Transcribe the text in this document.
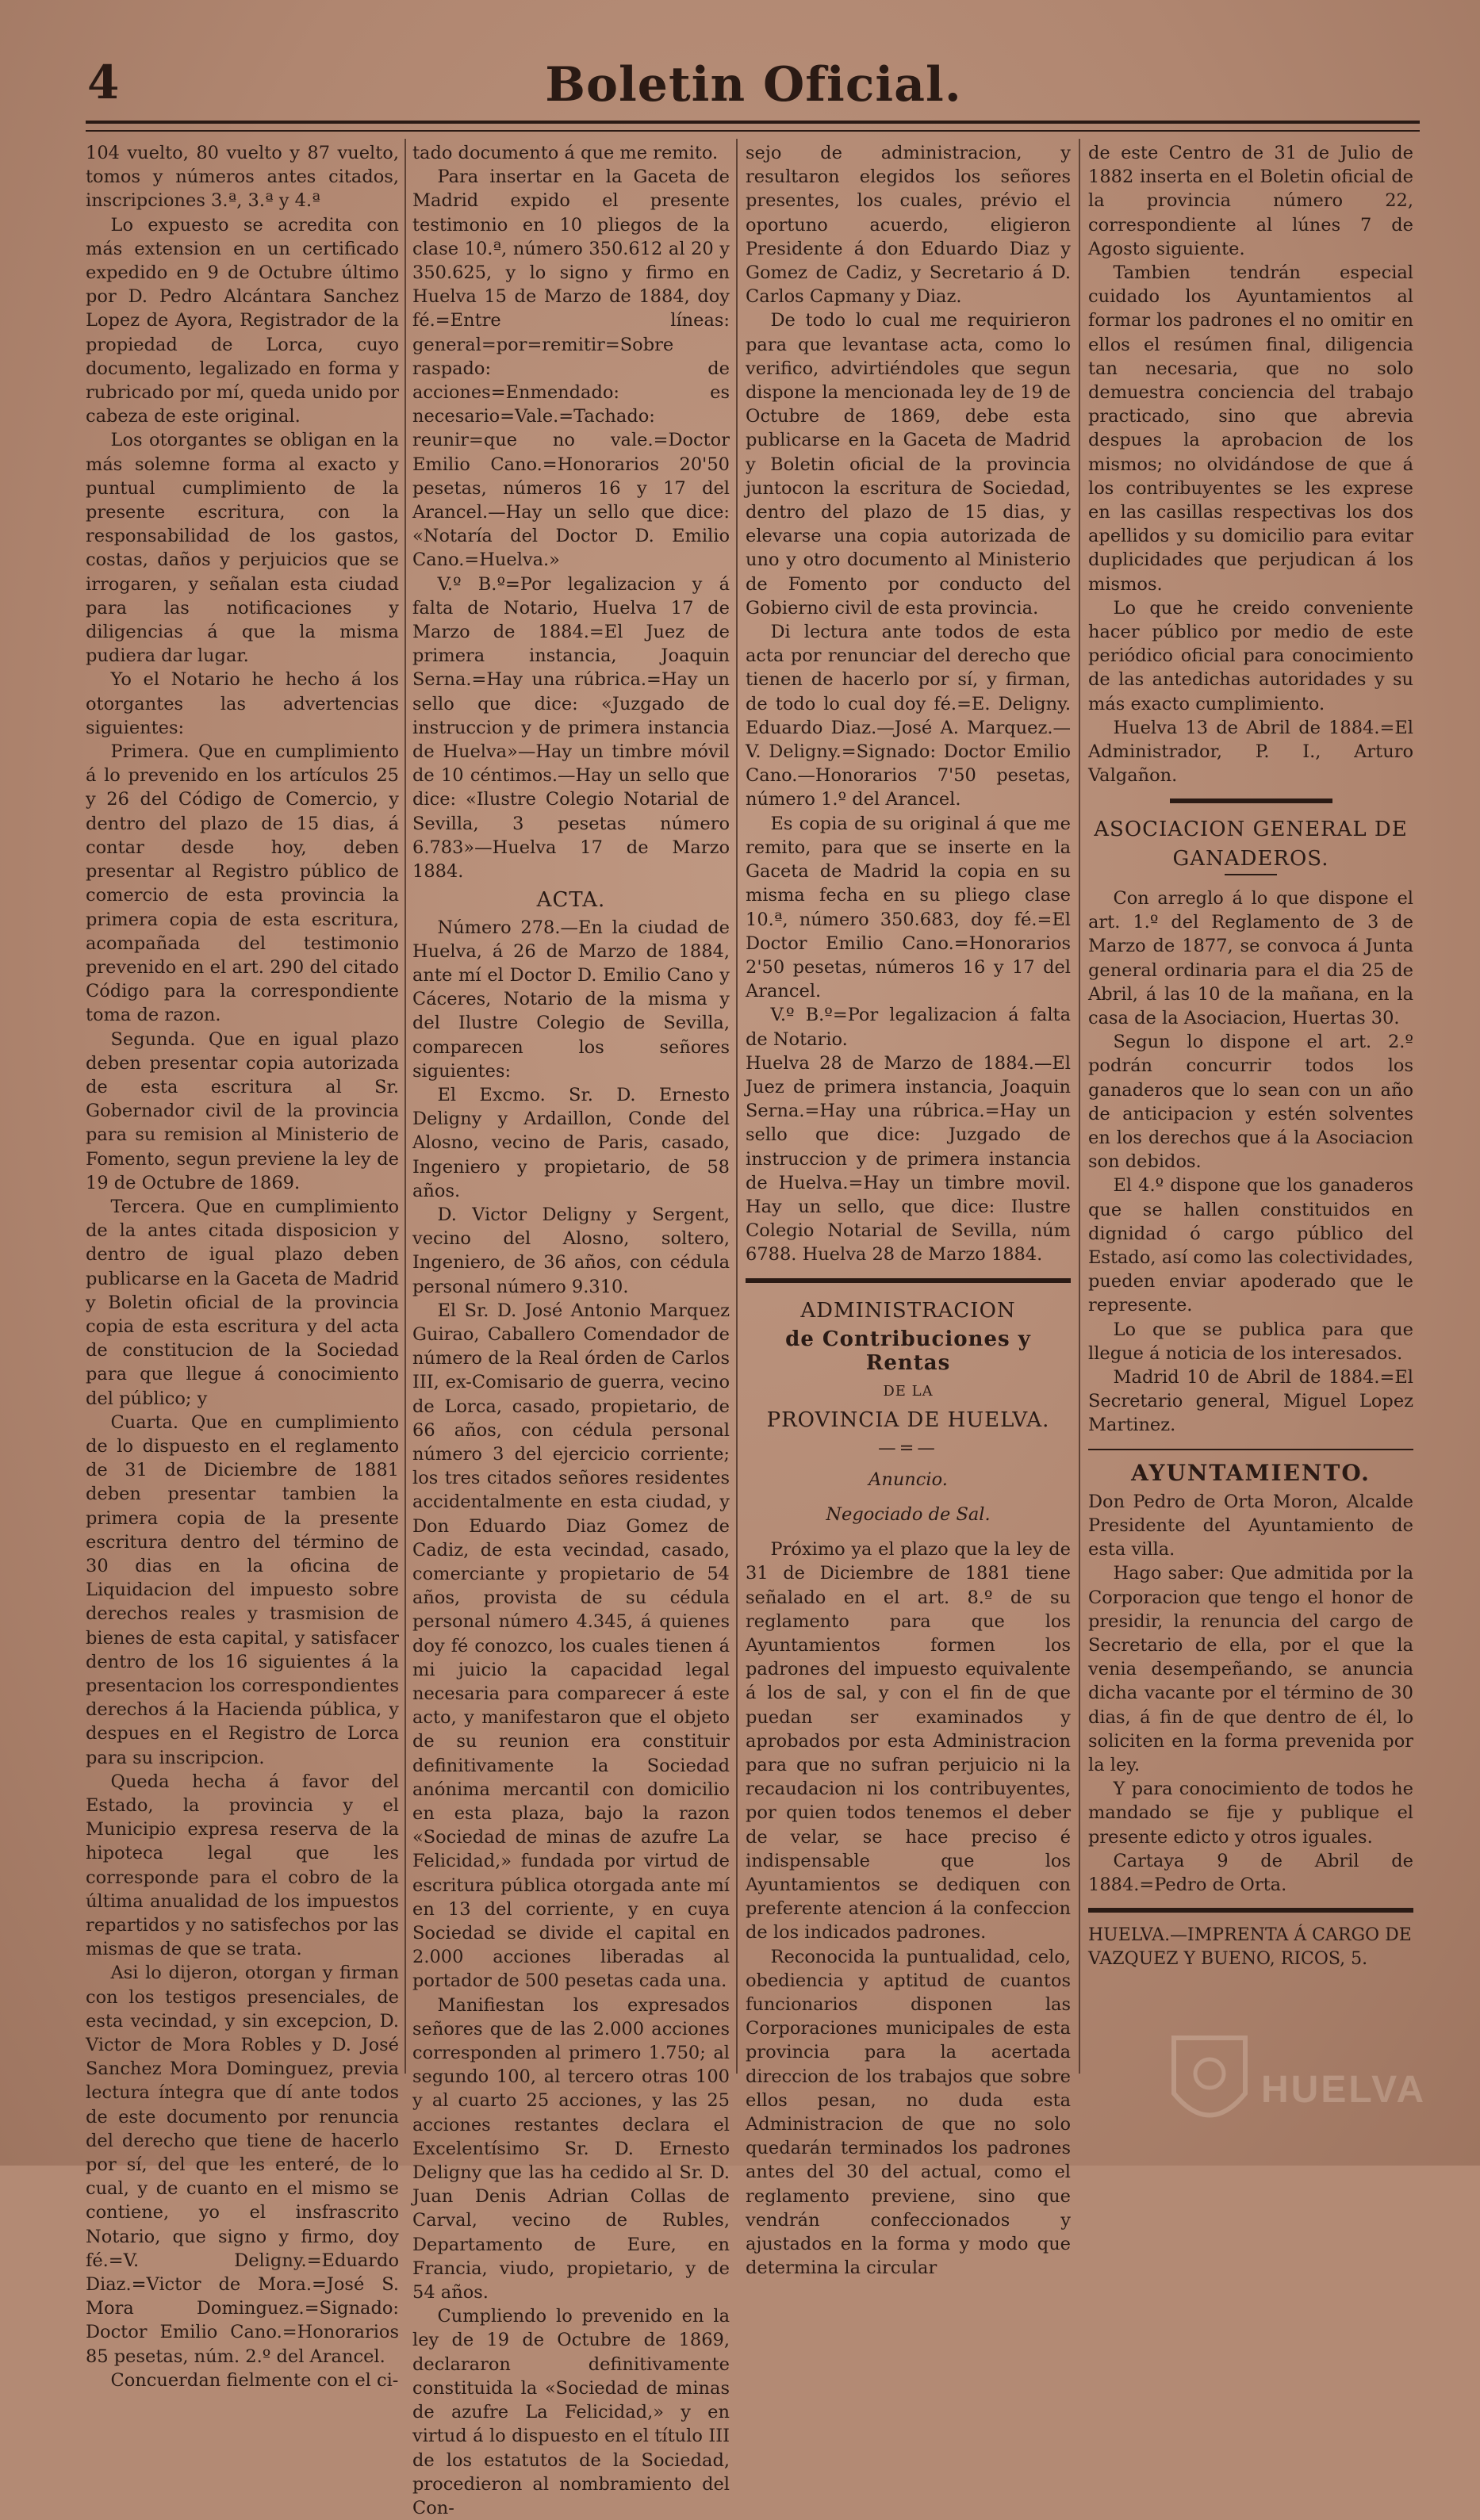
4	Boletin Oficial.

104 vuelto, 80 vuelto y 87 vuelto, tomos y números antes citados, inscripciones 3.ª, 3.ª y 4.ª

Lo expuesto se acredita con más extension en un certificado expedido en 9 de Octubre último por D. Pedro Alcántara Sanchez Lopez de Ayora, Registrador de la propiedad de Lorca, cuyo documento, legalizado en forma y rubricado por mí, queda unido por cabeza de este original.

Los otorgantes se obligan en la más solemne forma al exacto y puntual cumplimiento de la presente escritura, con la responsabilidad de los gastos, costas, daños y perjuicios que se irrogaren, y señalan esta ciudad para las notificaciones y diligencias á que la misma pudiera dar lugar.

Yo el Notario he hecho á los otorgantes las advertencias siguientes:

Primera. Que en cumplimiento á lo prevenido en los artículos 25 y 26 del Código de Comercio, y dentro del plazo de 15 dias, á contar desde hoy, deben presentar al Registro público de comercio de esta provincia la primera copia de esta escritura, acompañada del testimonio prevenido en el art. 290 del citado Código para la correspondiente toma de razon.

Segunda. Que en igual plazo deben presentar copia autorizada de esta escritura al Sr. Gobernador civil de la provincia para su remision al Ministerio de Fomento, segun previene la ley de 19 de Octubre de 1869.

Tercera. Que en cumplimiento de la antes citada disposicion y dentro de igual plazo deben publicarse en la Gaceta de Madrid y Boletin oficial de la provincia copia de esta escritura y del acta de constitucion de la Sociedad para que llegue á conocimiento del público; y

Cuarta. Que en cumplimiento de lo dispuesto en el reglamento de 31 de Diciembre de 1881 deben presentar tambien la primera copia de la presente escritura dentro del término de 30 dias en la oficina de Liquidacion del impuesto sobre derechos reales y trasmision de bienes de esta capital, y satisfacer dentro de los 16 siguientes á la presentacion los correspondientes derechos á la Hacienda pública, y despues en el Registro de Lorca para su inscripcion.

Queda hecha á favor del Estado, la provincia y el Municipio expresa reserva de la hipoteca legal que les corresponde para el cobro de la última anualidad de los impuestos repartidos y no satisfechos por las mismas de que se trata.

Asi lo dijeron, otorgan y firman con los testigos presenciales, de esta vecindad, y sin excepcion, D. Victor de Mora Robles y D. José Sanchez Mora Dominguez, previa lectura íntegra que dí ante todos de este documento por renuncia del derecho que tiene de hacerlo por sí, del que les enteré, de lo cual, y de cuanto en el mismo se contiene, yo el insfrascrito Notario, que signo y firmo, doy fé.=V. Deligny.=Eduardo Diaz.=Victor de Mora.=José S. Mora Dominguez.=Signado: Doctor Emilio Cano.=Honorarios 85 pesetas, núm. 2.º del Arancel.

Concuerdan fielmente con el ci-

tado documento á que me remito.

Para insertar en la Gaceta de Madrid expido el presente testimonio en 10 pliegos de la clase 10.ª, número 350.612 al 20 y 350.625, y lo signo y firmo en Huelva 15 de Marzo de 1884, doy fé.=Entre líneas: general=por=remitir=Sobre raspado: de acciones=Enmendado: es necesario=Vale.=Tachado: reunir=que no vale.=Doctor Emilio Cano.=Honorarios 20'50 pesetas, números 16 y 17 del Arancel.—Hay un sello que dice: «Notaría del Doctor D. Emilio Cano.=Huelva.»

V.º B.º=Por legalizacion y á falta de Notario, Huelva 17 de Marzo de 1884.=El Juez de primera instancia, Joaquin Serna.=Hay una rúbrica.=Hay un sello que dice: «Juzgado de instruccion y de primera instancia de Huelva»—Hay un timbre móvil de 10 céntimos.—Hay un sello que dice: «Ilustre Colegio Notarial de Sevilla, 3 pesetas número 6.783»—Huelva 17 de Marzo 1884.

ACTA.

Número 278.—En la ciudad de Huelva, á 26 de Marzo de 1884, ante mí el Doctor D. Emilio Cano y Cáceres, Notario de la misma y del Ilustre Colegio de Sevilla, comparecen los señores siguientes:

El Excmo. Sr. D. Ernesto Deligny y Ardaillon, Conde del Alosno, vecino de Paris, casado, Ingeniero y propietario, de 58 años.

D. Victor Deligny y Sergent, vecino del Alosno, soltero, Ingeniero, de 36 años, con cédula personal número 9.310.

El Sr. D. José Antonio Marquez Guirao, Caballero Comendador de número de la Real órden de Carlos III, ex-Comisario de guerra, vecino de Lorca, casado, propietario, de 66 años, con cédula personal número 3 del ejercicio corriente; los tres citados señores residentes accidentalmente en esta ciudad, y Don Eduardo Diaz Gomez de Cadiz, de esta vecindad, casado, comerciante y propietario de 54 años, provista de su cédula personal número 4.345, á quienes doy fé conozco, los cuales tienen á mi juicio la capacidad legal necesaria para comparecer á este acto, y manifestaron que el objeto de su reunion era constituir definitivamente la Sociedad anónima mercantil con domicilio en esta plaza, bajo la razon «Sociedad de minas de azufre La Felicidad,» fundada por virtud de escritura pública otorgada ante mí en 13 del corriente, y en cuya Sociedad se divide el capital en 2.000 acciones liberadas al portador de 500 pesetas cada una.

Manifiestan los expresados señores que de las 2.000 acciones corresponden al primero 1.750; al segundo 100, al tercero otras 100 y al cuarto 25 acciones, y las 25 acciones restantes declara el Excelentísimo Sr. D. Ernesto Deligny que las ha cedido al Sr. D. Juan Denis Adrian Collas de Carval, vecino de Rubles, Departamento de Eure, en Francia, viudo, propietario, y de 54 años.

Cumpliendo lo prevenido en la ley de 19 de Octubre de 1869, declararon definitivamente constituida la «Sociedad de minas de azufre La Felicidad,» y en virtud á lo dispuesto en el título III de los estatutos de la Sociedad, procedieron al nombramiento del Con-

sejo de administracion, y resultaron elegidos los señores presentes, los cuales, prévio el oportuno acuerdo, eligieron Presidente á don Eduardo Diaz y Gomez de Cadiz, y Secretario á D. Carlos Capmany y Diaz.

De todo lo cual me requirieron para que levantase acta, como lo verifico, advirtiéndoles que segun dispone la mencionada ley de 19 de Octubre de 1869, debe esta publicarse en la Gaceta de Madrid y Boletin oficial de la provincia juntocon la escritura de Sociedad, dentro del plazo de 15 dias, y elevarse una copia autorizada de uno y otro documento al Ministerio de Fomento por conducto del Gobierno civil de esta provincia.

Di lectura ante todos de esta acta por renunciar del derecho que tienen de hacerlo por sí, y firman, de todo lo cual doy fé.=E. Deligny. Eduardo Diaz.—José A. Marquez.—V. Deligny.=Signado: Doctor Emilio Cano.—Honorarios 7'50 pesetas, número 1.º del Arancel.

Es copia de su original á que me remito, para que se inserte en la Gaceta de Madrid la copia en su misma fecha en su pliego clase 10.ª, número 350.683, doy fé.=El Doctor Emilio Cano.=Honorarios 2'50 pesetas, números 16 y 17 del Arancel.

V.º B.º=Por legalizacion á falta de Notario.

Huelva 28 de Marzo de 1884.—El Juez de primera instancia, Joaquin Serna.=Hay una rúbrica.=Hay un sello que dice: Juzgado de instruccion y de primera instancia de Huelva.=Hay un timbre movil. Hay un sello, que dice: Ilustre Colegio Notarial de Sevilla, núm 6788. Huelva 28 de Marzo 1884.

ADMINISTRACION
de Contribuciones y Rentas
DE LA
PROVINCIA DE HUELVA.
—=—

Anuncio.

Negociado de Sal.

Próximo ya el plazo que la ley de 31 de Diciembre de 1881 tiene señalado en el art. 8.º de su reglamento para que los Ayuntamientos formen los padrones del impuesto equivalente á los de sal, y con el fin de que puedan ser examinados y aprobados por esta Administracion para que no sufran perjuicio ni la recaudacion ni los contribuyentes, por quien todos tenemos el deber de velar, se hace preciso é indispensable que los Ayuntamientos se dediquen con preferente atencion á la confeccion de los indicados padrones.

Reconocida la puntualidad, celo, obediencia y aptitud de cuantos funcionarios disponen las Corporaciones municipales de esta provincia para la acertada direccion de los trabajos que sobre ellos pesan, no duda esta Administracion de que no solo quedarán terminados los padrones antes del 30 del actual, como el reglamento previene, sino que vendrán confeccionados y ajustados en la forma y modo que determina la circular

de este Centro de 31 de Julio de 1882 inserta en el Boletin oficial de la provincia número 22, correspondiente al lúnes 7 de Agosto siguiente.

Tambien tendrán especial cuidado los Ayuntamientos al formar los padrones el no omitir en ellos el resúmen final, diligencia tan necesaria, que no solo demuestra conciencia del trabajo practicado, sino que abrevia despues la aprobacion de los mismos; no olvidándose de que á los contribuyentes se les exprese en las casillas respectivas los dos apellidos y su domicilio para evitar duplicidades que perjudican á los mismos.

Lo que he creido conveniente hacer público por medio de este periódico oficial para conocimiento de las antedichas autoridades y su más exacto cumplimiento.

Huelva 13 de Abril de 1884.=El Administrador, P. I., Arturo Valgañon.

ASOCIACION GENERAL DE
GANADEROS.

Con arreglo á lo que dispone el art. 1.º del Reglamento de 3 de Marzo de 1877, se convoca á Junta general ordinaria para el dia 25 de Abril, á las 10 de la mañana, en la casa de la Asociacion, Huertas 30.

Segun lo dispone el art. 2.º podrán concurrir todos los ganaderos que lo sean con un año de anticipacion y estén solventes en los derechos que á la Asociacion son debidos.

El 4.º dispone que los ganaderos que se hallen constituidos en dignidad ó cargo público del Estado, así como las colectividades, pueden enviar apoderado que le represente.

Lo que se publica para que llegue á noticia de los interesados.

Madrid 10 de Abril de 1884.=El Secretario general, Miguel Lopez Martinez.

AYUNTAMIENTO.

Don Pedro de Orta Moron, Alcalde Presidente del Ayuntamiento de esta villa.

Hago saber: Que admitida por la Corporacion que tengo el honor de presidir, la renuncia del cargo de Secretario de ella, por el que la venia desempeñando, se anuncia dicha vacante por el término de 30 dias, á fin de que dentro de él, lo soliciten en la forma prevenida por la ley.

Y para conocimiento de todos he mandado se fije y publique el presente edicto y otros iguales.

Cartaya 9 de Abril de 1884.=Pedro de Orta.

HUELVA.—IMPRENTA Á CARGO DE
VAZQUEZ Y BUENO, RICOS, 5.
HUELVA
